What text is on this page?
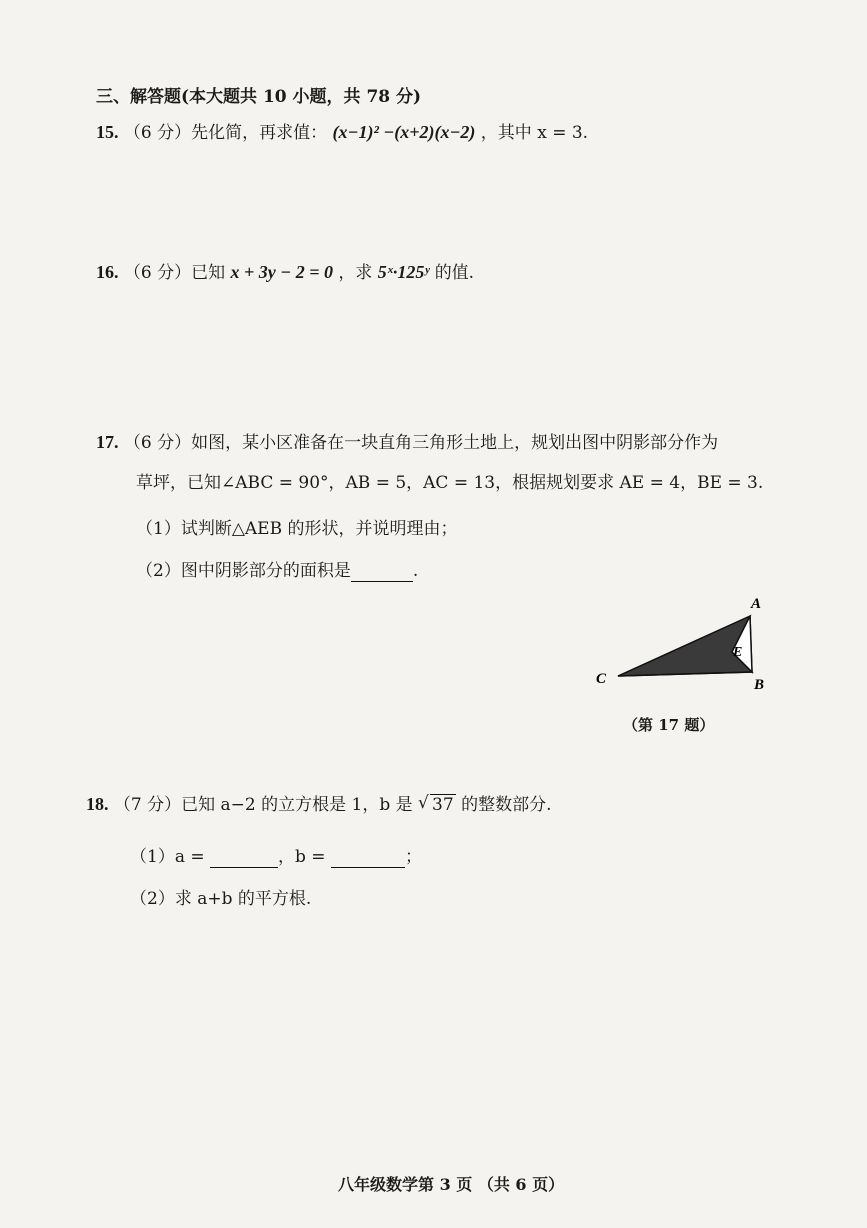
三、解答题(本大题共 10 小题，共 78 分)
15. （6 分）先化简，再求值： (x−1)² −(x+2)(x−2) ，其中 x = 3.
16. （6 分）已知 x + 3y − 2 = 0 ，求 5ˣ·125ʸ 的值.
17. （6 分）如图，某小区准备在一块直角三角形土地上，规划出图中阴影部分作为
草坪，已知∠ABC = 90°，AB = 5，AC = 13，根据规划要求 AE = 4，BE = 3.
（1）试判断△AEB 的形状，并说明理由；
（2）图中阴影部分的面积是	.
A
E
B
C
（第 17 题）
18. （7 分）已知 a−2 的立方根是 1，b 是 √ 37 的整数部分.
（1）a =	，b =	；
（2）求 a+b 的平方根.
八年级数学第 3 页 （共 6 页）
